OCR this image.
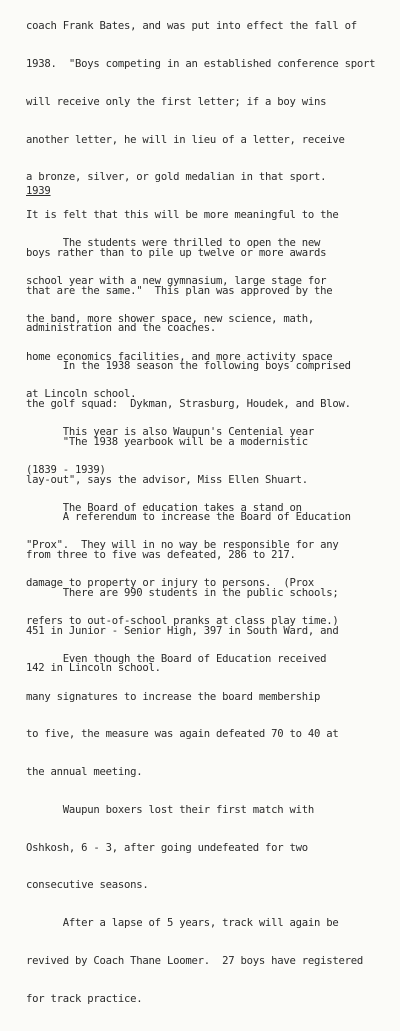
coach Frank Bates, and was put into effect the fall of

1938.  "Boys competing in an established conference sport

will receive only the first letter; if a boy wins

another letter, he will in lieu of a letter, receive

a bronze, silver, or gold medalian in that sport.

It is felt that this will be more meaningful to the

boys rather than to pile up twelve or more awards

that are the same."  This plan was approved by the

administration and the coaches.

In the 1938 season the following boys comprised

the golf squad:  Dykman, Strasburg, Houdek, and Blow.

"The 1938 yearbook will be a modernistic

lay-out", says the advisor, Miss Ellen Shuart.

A referendum to increase the Board of Education

from three to five was defeated, 286 to 217.

There are 990 students in the public schools;

451 in Junior - Senior High, 397 in South Ward, and

142 in Lincoln school.

1939

The students were thrilled to open the new

school year with a new gymnasium, large stage for

the band, more shower space, new science, math,

home economics facilities, and more activity space

at Lincoln school.

This year is also Waupun's Centenial year

(1839 - 1939)

The Board of education takes a stand on

"Prox".  They will in no way be responsible for any

damage to property or injury to persons.  (Prox

refers to out-of-school pranks at class play time.)

Even though the Board of Education received

many signatures to increase the board membership

to five, the measure was again defeated 70 to 40 at

the annual meeting.

Waupun boxers lost their first match with

Oshkosh, 6 - 3, after going undefeated for two

consecutive seasons.

After a lapse of 5 years, track will again be

revived by Coach Thane Loomer.  27 boys have registered

for track practice.
